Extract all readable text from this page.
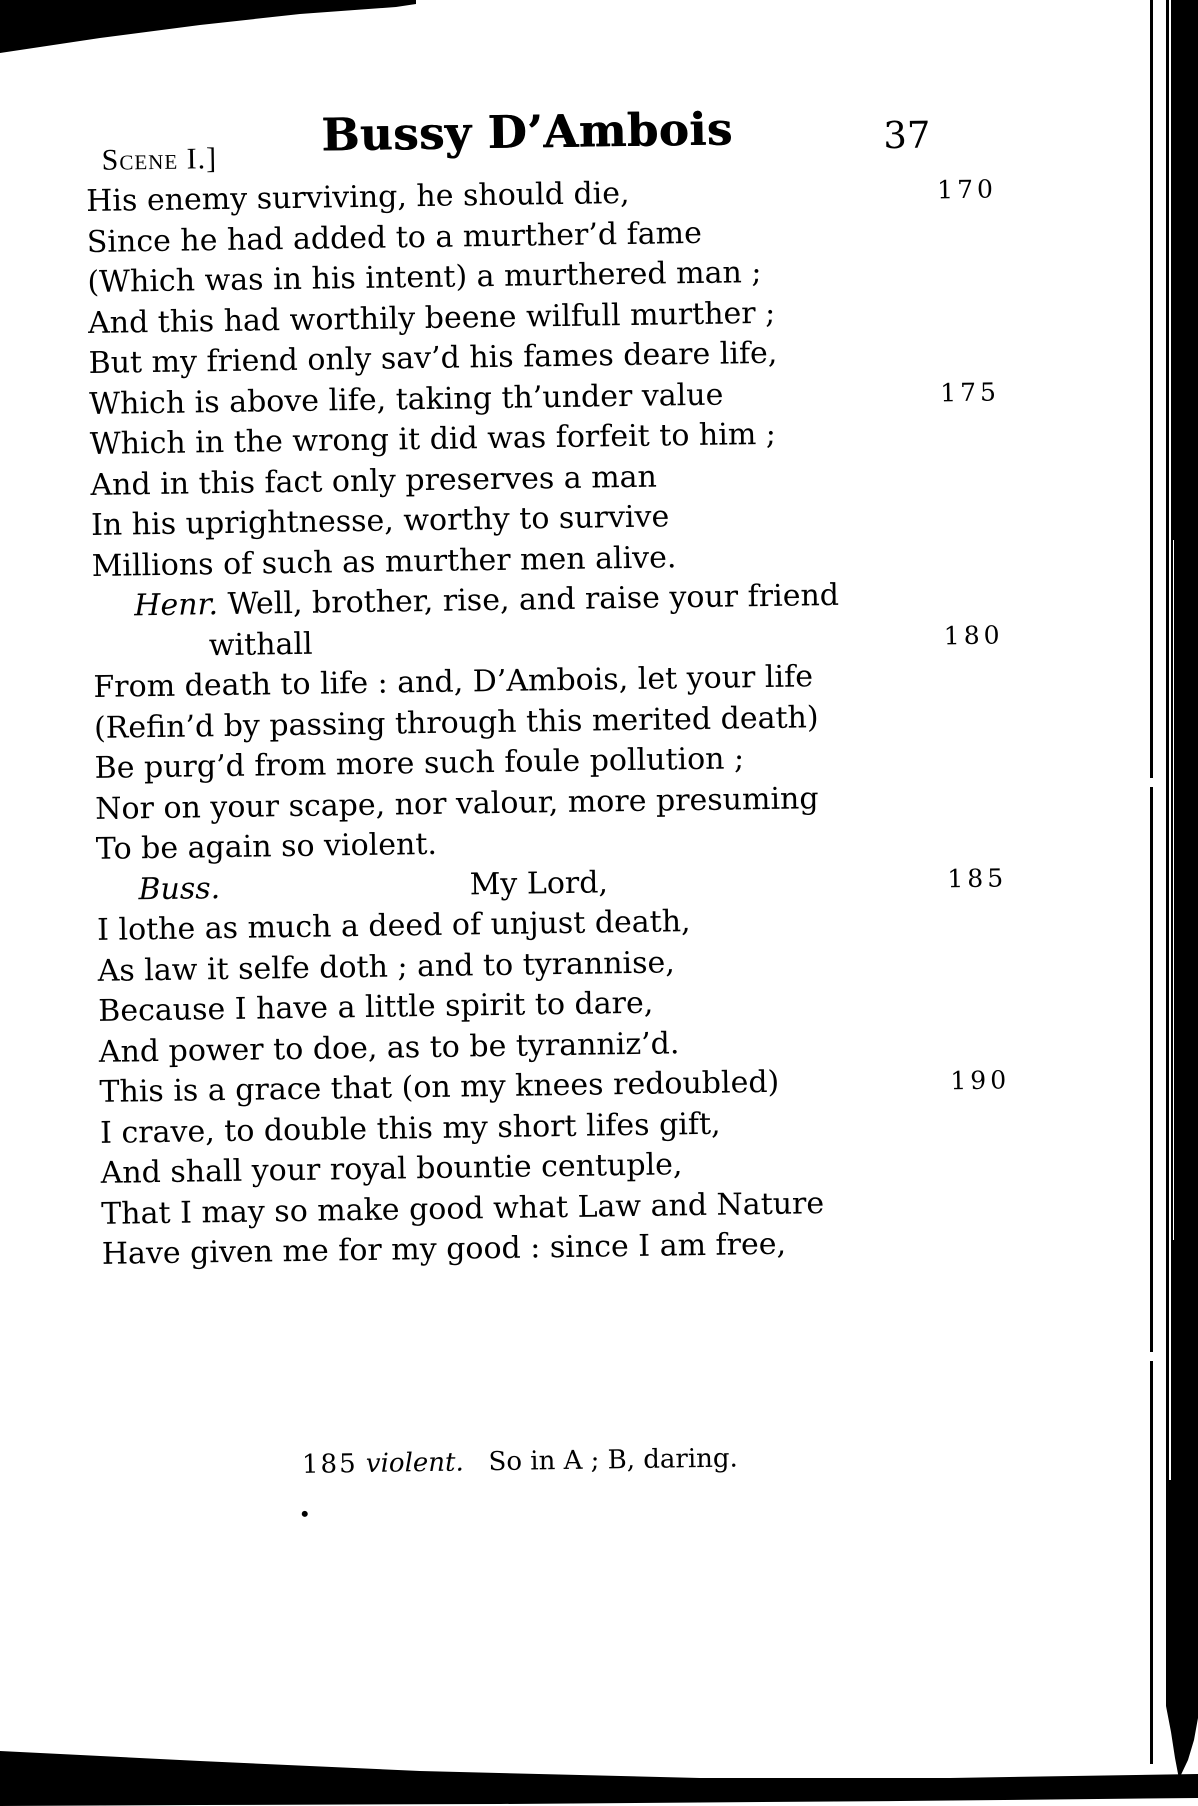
Scene I.] Bussy D’Ambois	37
His enemy surviving, he should die,	170
Since he had added to a murther’d fame
(Which was in his intent) a murthered man ;
And this had worthily beene wilfull murther ;
But my friend only sav’d his fames deare life,
Which is above life, taking th’under value	175
Which in the wrong it did was forfeit to him ;
And in this fact only preserves a man
In his uprightnesse, worthy to survive
Millions of such as murther men alive.
Henr. Well, brother, rise, and raise your friend
withall	180
From death to life : and, D’Ambois, let your life
(Refin’d by passing through this merited death)
Be purg’d from more such foule pollution ;
Nor on your scape, nor valour, more presuming
To be again so violent.
Buss.	My Lord,	185
I lothe as much a deed of unjust death,
As law it selfe doth ; and to tyrannise,
Because I have a little spirit to dare,
And power to doe, as to be tyranniz’d.
This is a grace that (on my knees redoubled)	190
I crave, to double this my short lifes gift,
And shall your royal bountie centuple,
That I may so make good what Law and Nature
Have given me for my good : since I am free,
185 violent. So in A ; B, daring.
